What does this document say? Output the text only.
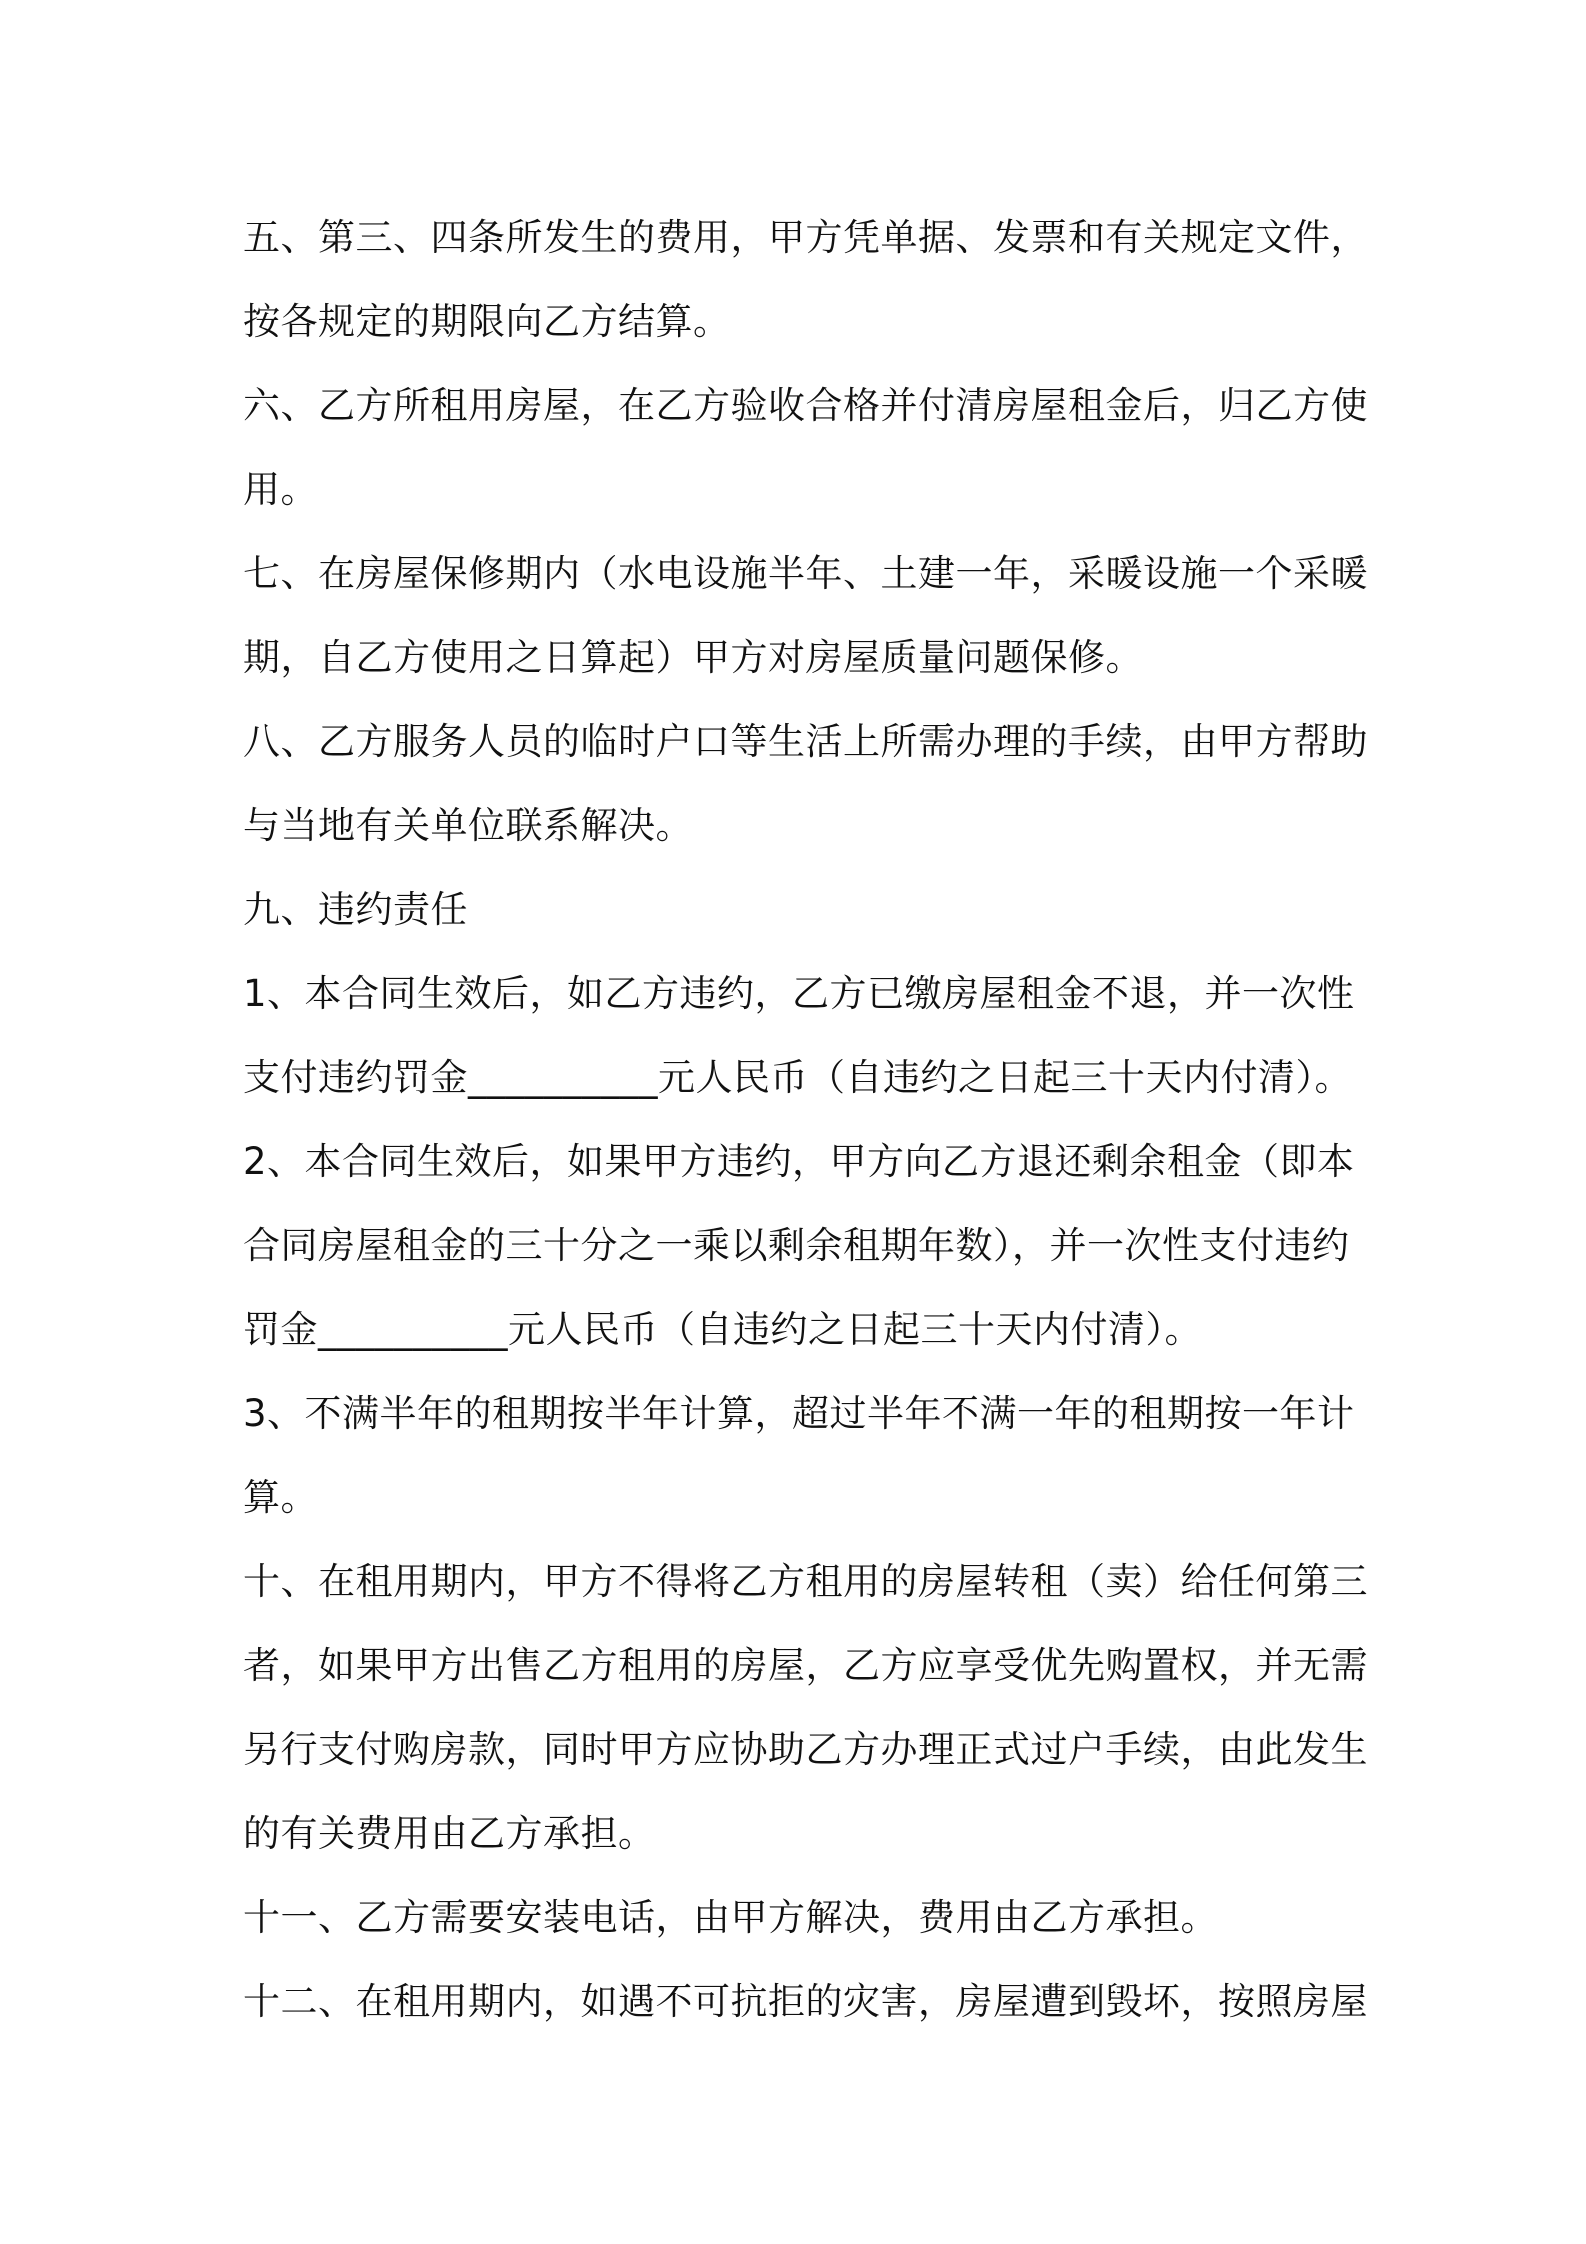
五、第三、四条所发生的费用，甲方凭单据、发票和有关规定文件，
按各规定的期限向乙方结算。
六、乙方所租用房屋，在乙方验收合格并付清房屋租金后，归乙方使
用。
七、在房屋保修期内（水电设施半年、土建一年，采暖设施一个采暖
期，自乙方使用之日算起）甲方对房屋质量问题保修。
八、乙方服务人员的临时户口等生活上所需办理的手续，由甲方帮助
与当地有关单位联系解决。
九、违约责任
1、本合同生效后，如乙方违约，乙方已缴房屋租金不退，并一次性
支付违约罚金__________元人民币（自违约之日起三十天内付清）。
2、本合同生效后，如果甲方违约，甲方向乙方退还剩余租金（即本
合同房屋租金的三十分之一乘以剩余租期年数），并一次性支付违约
罚金__________元人民币（自违约之日起三十天内付清）。
3、不满半年的租期按半年计算，超过半年不满一年的租期按一年计
算。
十、在租用期内，甲方不得将乙方租用的房屋转租（卖）给任何第三
者，如果甲方出售乙方租用的房屋，乙方应享受优先购置权，并无需
另行支付购房款，同时甲方应协助乙方办理正式过户手续，由此发生
的有关费用由乙方承担。
十一、乙方需要安装电话，由甲方解决，费用由乙方承担。
十二、在租用期内，如遇不可抗拒的灾害，房屋遭到毁坏，按照房屋
